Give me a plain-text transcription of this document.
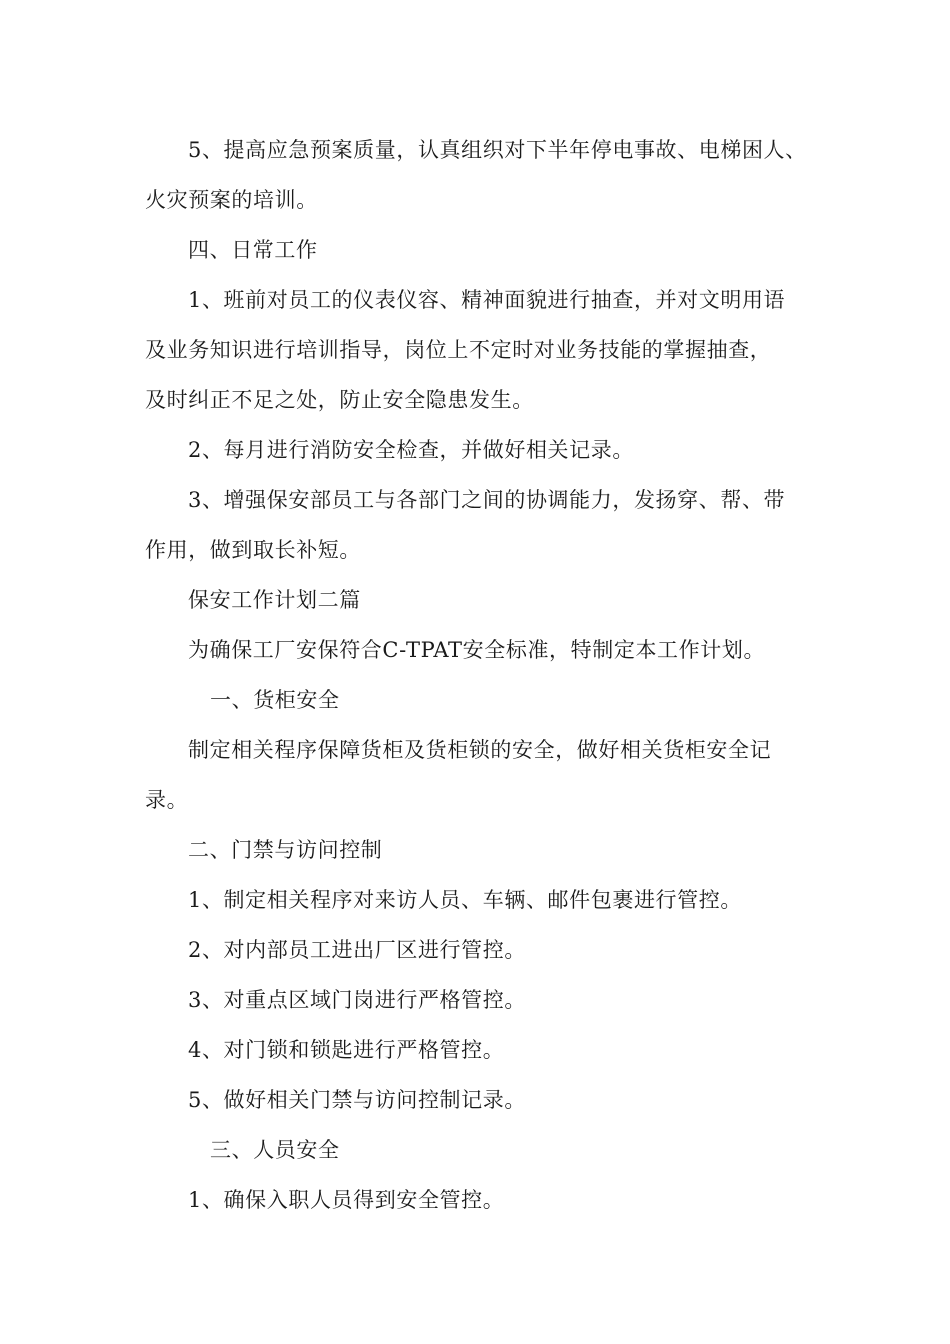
5、提高应急预案质量，认真组织对下半年停电事故、电梯困人、
火灾预案的培训。
四、日常工作
1、班前对员工的仪表仪容、精神面貌进行抽查，并对文明用语
及业务知识进行培训指导，岗位上不定时对业务技能的掌握抽查，
及时纠正不足之处，防止安全隐患发生。
2、每月进行消防安全检查，并做好相关记录。
3、增强保安部员工与各部门之间的协调能力，发扬穿、帮、带
作用，做到取长补短。
保安工作计划二篇
为确保工厂安保符合C-TPAT安全标准，特制定本工作计划。
一、货柜安全
制定相关程序保障货柜及货柜锁的安全，做好相关货柜安全记
录。
二、门禁与访问控制
1、制定相关程序对来访人员、车辆、邮件包裹进行管控。
2、对内部员工进出厂区进行管控。
3、对重点区域门岗进行严格管控。
4、对门锁和锁匙进行严格管控。
5、做好相关门禁与访问控制记录。
三、人员安全
1、确保入职人员得到安全管控。
